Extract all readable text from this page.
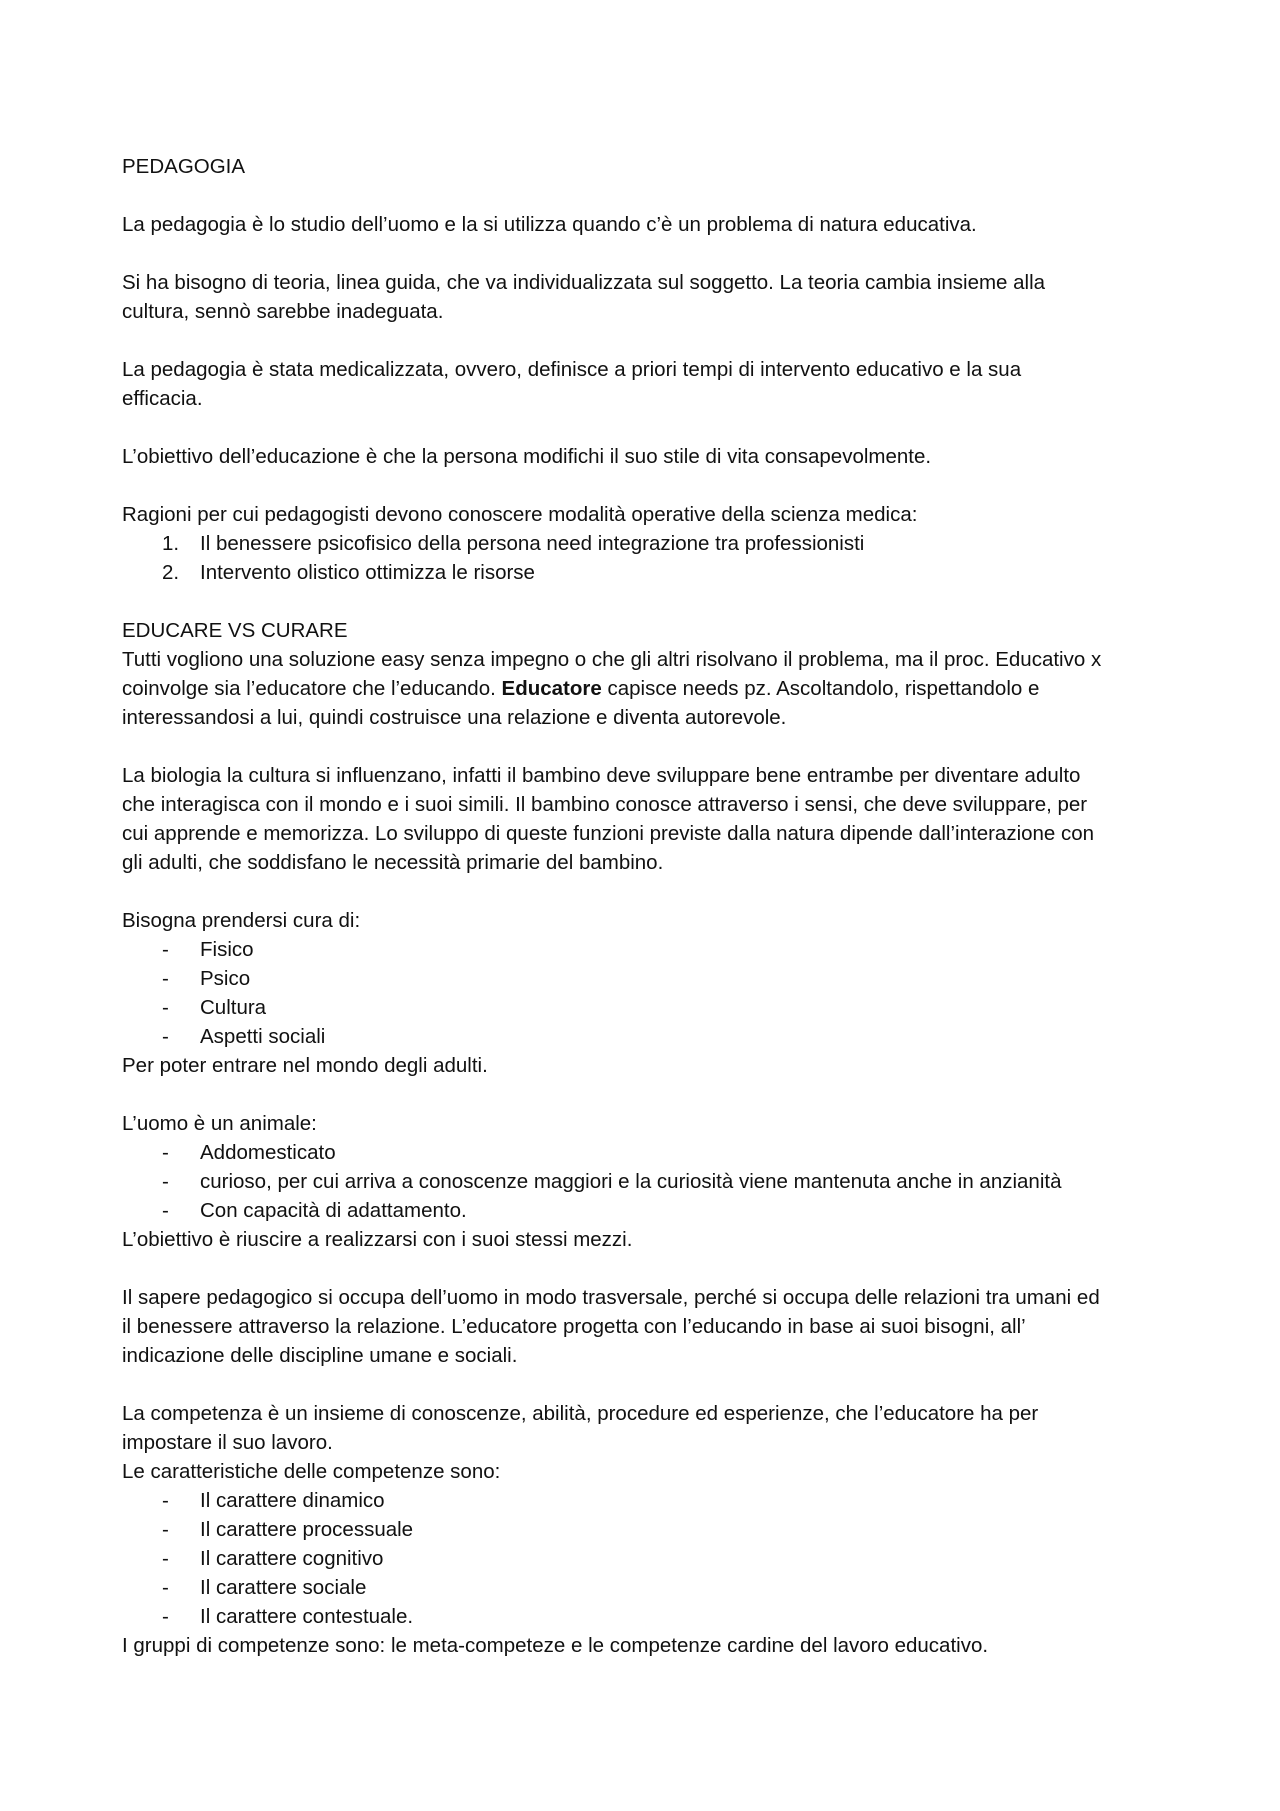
PEDAGOGIA
La pedagogia è lo studio dell’uomo e la si utilizza quando c’è un problema di natura educativa.
Si ha bisogno di teoria, linea guida, che va individualizzata sul soggetto. La teoria cambia insieme alla
cultura, sennò sarebbe inadeguata.
La pedagogia è stata medicalizzata, ovvero, definisce a priori tempi di intervento educativo e la sua
efficacia.
L’obiettivo dell’educazione è che la persona modifichi il suo stile di vita consapevolmente.
Ragioni per cui pedagogisti devono conoscere modalità operative della scienza medica:
1.	Il benessere psicofisico della persona need integrazione tra professionisti
2.	Intervento olistico ottimizza le risorse
EDUCARE VS CURARE
Tutti vogliono una soluzione easy senza impegno o che gli altri risolvano il problema, ma il proc. Educativo x
coinvolge sia l’educatore che l’educando. Educatore capisce needs pz. Ascoltandolo, rispettandolo e
interessandosi a lui, quindi costruisce una relazione e diventa autorevole.
La biologia la cultura si influenzano, infatti il bambino deve sviluppare bene entrambe per diventare adulto
che interagisca con il mondo e i suoi simili. Il bambino conosce attraverso i sensi, che deve sviluppare, per
cui apprende e memorizza. Lo sviluppo di queste funzioni previste dalla natura dipende dall’interazione con
gli adulti, che soddisfano le necessità primarie del bambino.
Bisogna prendersi cura di:
-	Fisico
-	Psico
-	Cultura
-	Aspetti sociali
Per poter entrare nel mondo degli adulti.
L’uomo è un animale:
-	Addomesticato
-	curioso, per cui arriva a conoscenze maggiori e la curiosità viene mantenuta anche in anzianità
-	Con capacità di adattamento.
L’obiettivo è riuscire a realizzarsi con i suoi stessi mezzi.
Il sapere pedagogico si occupa dell’uomo in modo trasversale, perché si occupa delle relazioni tra umani ed
il benessere attraverso la relazione. L’educatore progetta con l’educando in base ai suoi bisogni, all’
indicazione delle discipline umane e sociali.
La competenza è un insieme di conoscenze, abilità, procedure ed esperienze, che l’educatore ha per
impostare il suo lavoro.
Le caratteristiche delle competenze sono:
-	Il carattere dinamico
-	Il carattere processuale
-	Il carattere cognitivo
-	Il carattere sociale
-	Il carattere contestuale.
I gruppi di competenze sono: le meta-competeze e le competenze cardine del lavoro educativo.
